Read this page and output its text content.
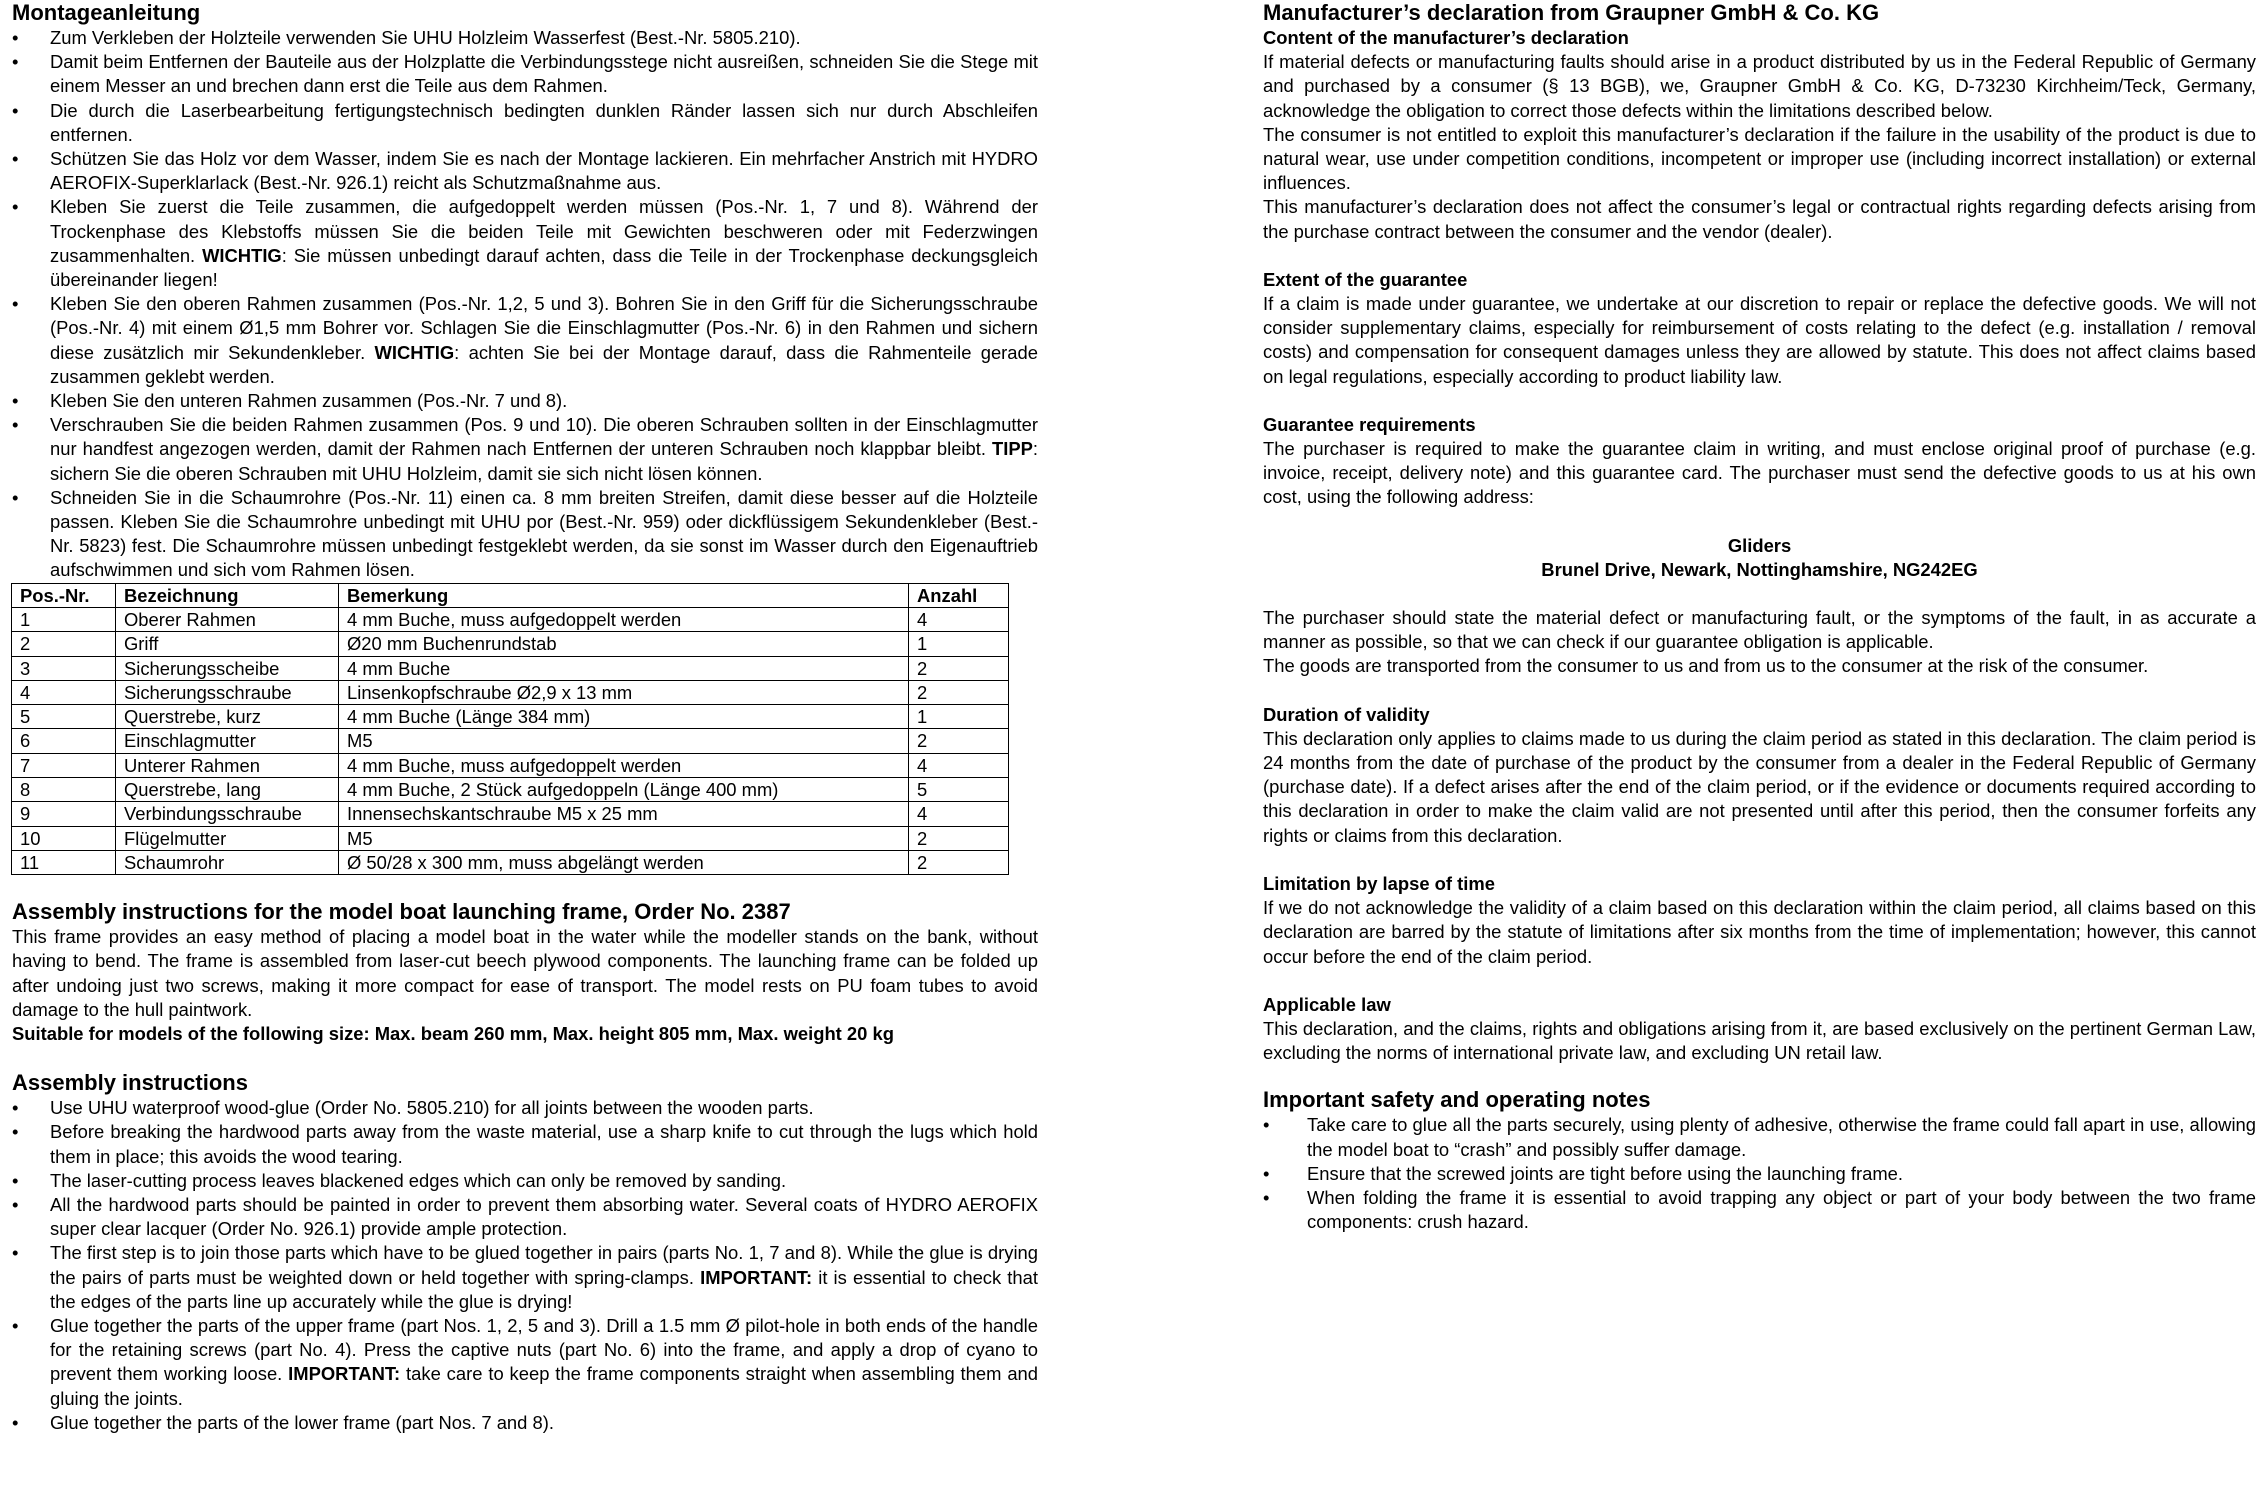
Montageanleitung
• Zum Verkleben der Holzteile verwenden Sie UHU Holzleim Wasserfest (Best.-Nr. 5805.210).
• Damit beim Entfernen der Bauteile aus der Holzplatte die Verbindungsstege nicht ausreißen, schneiden Sie die Stege mit einem Messer an und brechen dann erst die Teile aus dem Rahmen.
• Die durch die Laserbearbeitung fertigungstechnisch bedingten dunklen Ränder lassen sich nur durch Abschleifen entfernen.
• Schützen Sie das Holz vor dem Wasser, indem Sie es nach der Montage lackieren. Ein mehrfacher Anstrich mit HYDRO AEROFIX-Superklarlack (Best.-Nr. 926.1) reicht als Schutzmaßnahme aus.
• Kleben Sie zuerst die Teile zusammen, die aufgedoppelt werden müssen (Pos.-Nr. 1, 7 und 8). Während der Trockenphase des Klebstoffs müssen Sie die beiden Teile mit Gewichten beschweren oder mit Federzwingen zusammenhalten. WICHTIG: Sie müssen unbedingt darauf achten, dass die Teile in der Trockenphase deckungsgleich übereinander liegen!
• Kleben Sie den oberen Rahmen zusammen (Pos.-Nr. 1,2, 5 und 3). Bohren Sie in den Griff für die Sicherungsschraube (Pos.-Nr. 4) mit einem Ø1,5 mm Bohrer vor. Schlagen Sie die Einschlagmutter (Pos.-Nr. 6) in den Rahmen und sichern diese zusätzlich mir Sekundenkleber. WICHTIG: achten Sie bei der Montage darauf, dass die Rahmenteile gerade zusammen geklebt werden.
• Kleben Sie den unteren Rahmen zusammen (Pos.-Nr. 7 und 8).
• Verschrauben Sie die beiden Rahmen zusammen (Pos. 9 und 10). Die oberen Schrauben sollten in der Einschlagmutter nur handfest angezogen werden, damit der Rahmen nach Entfernen der unteren Schrauben noch klappbar bleibt. TIPP: sichern Sie die oberen Schrauben mit UHU Holzleim, damit sie sich nicht lösen können.
• Schneiden Sie in die Schaumrohre (Pos.-Nr. 11) einen ca. 8 mm breiten Streifen, damit diese besser auf die Holzteile passen. Kleben Sie die Schaumrohre unbedingt mit UHU por (Best.-Nr. 959) oder dickflüssigem Sekundenkleber (Best.-Nr. 5823) fest. Die Schaumrohre müssen unbedingt festgeklebt werden, da sie sonst im Wasser durch den Eigenauftrieb aufschwimmen und sich vom Rahmen lösen.
Pos.-Nr.	Bezeichnung	Bemerkung	Anzahl
1	Oberer Rahmen	4 mm Buche, muss aufgedoppelt werden	4
2	Griff	Ø20 mm Buchenrundstab	1
3	Sicherungsscheibe	4 mm Buche	2
4	Sicherungsschraube	Linsenkopfschraube Ø2,9 x 13 mm	2
5	Querstrebe, kurz	4 mm Buche (Länge 384 mm)	1
6	Einschlagmutter	M5	2
7	Unterer Rahmen	4 mm Buche, muss aufgedoppelt werden	4
8	Querstrebe, lang	4 mm Buche, 2 Stück aufgedoppeln (Länge 400 mm)	5
9	Verbindungsschraube	Innensechskantschraube M5 x 25 mm	4
10	Flügelmutter	M5	2
11	Schaumrohr	Ø 50/28 x 300 mm, muss abgelängt werden	2
Assembly instructions for the model boat launching frame, Order No. 2387

This frame provides an easy method of placing a model boat in the water while the modeller stands on the bank, without having to bend. The frame is assembled from laser-cut beech plywood components. The launching frame can be folded up after undoing just two screws, making it more compact for ease of transport. The model rests on PU foam tubes to avoid damage to the hull paintwork.

Suitable for models of the following size: Max. beam 260 mm, Max. height 805 mm, Max. weight 20 kg

Assembly instructions
• Use UHU waterproof wood-glue (Order No. 5805.210) for all joints between the wooden parts.
• Before breaking the hardwood parts away from the waste material, use a sharp knife to cut through the lugs which hold them in place; this avoids the wood tearing.
• The laser-cutting process leaves blackened edges which can only be removed by sanding.
• All the hardwood parts should be painted in order to prevent them absorbing water. Several coats of HYDRO AEROFIX super clear lacquer (Order No. 926.1) provide ample protection.
• The first step is to join those parts which have to be glued together in pairs (parts No. 1, 7 and 8). While the glue is drying the pairs of parts must be weighted down or held together with spring-clamps. IMPORTANT: it is essential to check that the edges of the parts line up accurately while the glue is drying!
• Glue together the parts of the upper frame (part Nos. 1, 2, 5 and 3). Drill a 1.5 mm Ø pilot-hole in both ends of the handle for the retaining screws (part No. 4). Press the captive nuts (part No. 6) into the frame, and apply a drop of cyano to prevent them working loose. IMPORTANT: take care to keep the frame components straight when assembling them and gluing the joints.
• Glue together the parts of the lower frame (part Nos. 7 and 8).
Manufacturer’s declaration from Graupner GmbH & Co. KG
Content of the manufacturer’s declaration

If material defects or manufacturing faults should arise in a product distributed by us in the Federal Republic of Germany and purchased by a consumer (§ 13 BGB), we, Graupner GmbH & Co. KG, D-73230 Kirchheim/Teck, Germany, acknowledge the obligation to correct those defects within the limitations described below.

The consumer is not entitled to exploit this manufacturer’s declaration if the failure in the usability of the product is due to natural wear, use under competition conditions, incompetent or improper use (including incorrect installation) or external influences.

This manufacturer’s declaration does not affect the consumer’s legal or contractual rights regarding defects arising from the purchase contract between the consumer and the vendor (dealer).

Extent of the guarantee

If a claim is made under guarantee, we undertake at our discretion to repair or replace the defective goods. We will not consider supplementary claims, especially for reimbursement of costs relating to the defect (e.g. installation / removal costs) and compensation for consequent damages unless they are allowed by statute. This does not affect claims based on legal regulations, especially according to product liability law.

Guarantee requirements

The purchaser is required to make the guarantee claim in writing, and must enclose original proof of purchase (e.g. invoice, receipt, delivery note) and this guarantee card. The purchaser must send the defective goods to us at his own cost, using the following address:

Gliders

Brunel Drive, Newark, Nottinghamshire, NG242EG

The purchaser should state the material defect or manufacturing fault, or the symptoms of the fault, in as accurate a manner as possible, so that we can check if our guarantee obligation is applicable.

The goods are transported from the consumer to us and from us to the consumer at the risk of the consumer.

Duration of validity

This declaration only applies to claims made to us during the claim period as stated in this declaration. The claim period is 24 months from the date of purchase of the product by the consumer from a dealer in the Federal Republic of Germany (purchase date). If a defect arises after the end of the claim period, or if the evidence or documents required according to this declaration in order to make the claim valid are not presented until after this period, then the consumer forfeits any rights or claims from this declaration.

Limitation by lapse of time

If we do not acknowledge the validity of a claim based on this declaration within the claim period, all claims based on this declaration are barred by the statute of limitations after six months from the time of implementation; however, this cannot occur before the end of the claim period.

Applicable law

This declaration, and the claims, rights and obligations arising from it, are based exclusively on the pertinent German Law, excluding the norms of international private law, and excluding UN retail law.

Important safety and operating notes
• Take care to glue all the parts securely, using plenty of adhesive, otherwise the frame could fall apart in use, allowing the model boat to “crash” and possibly suffer damage.
• Ensure that the screwed joints are tight before using the launching frame.
• When folding the frame it is essential to avoid trapping any object or part of your body between the two frame components: crush hazard.
